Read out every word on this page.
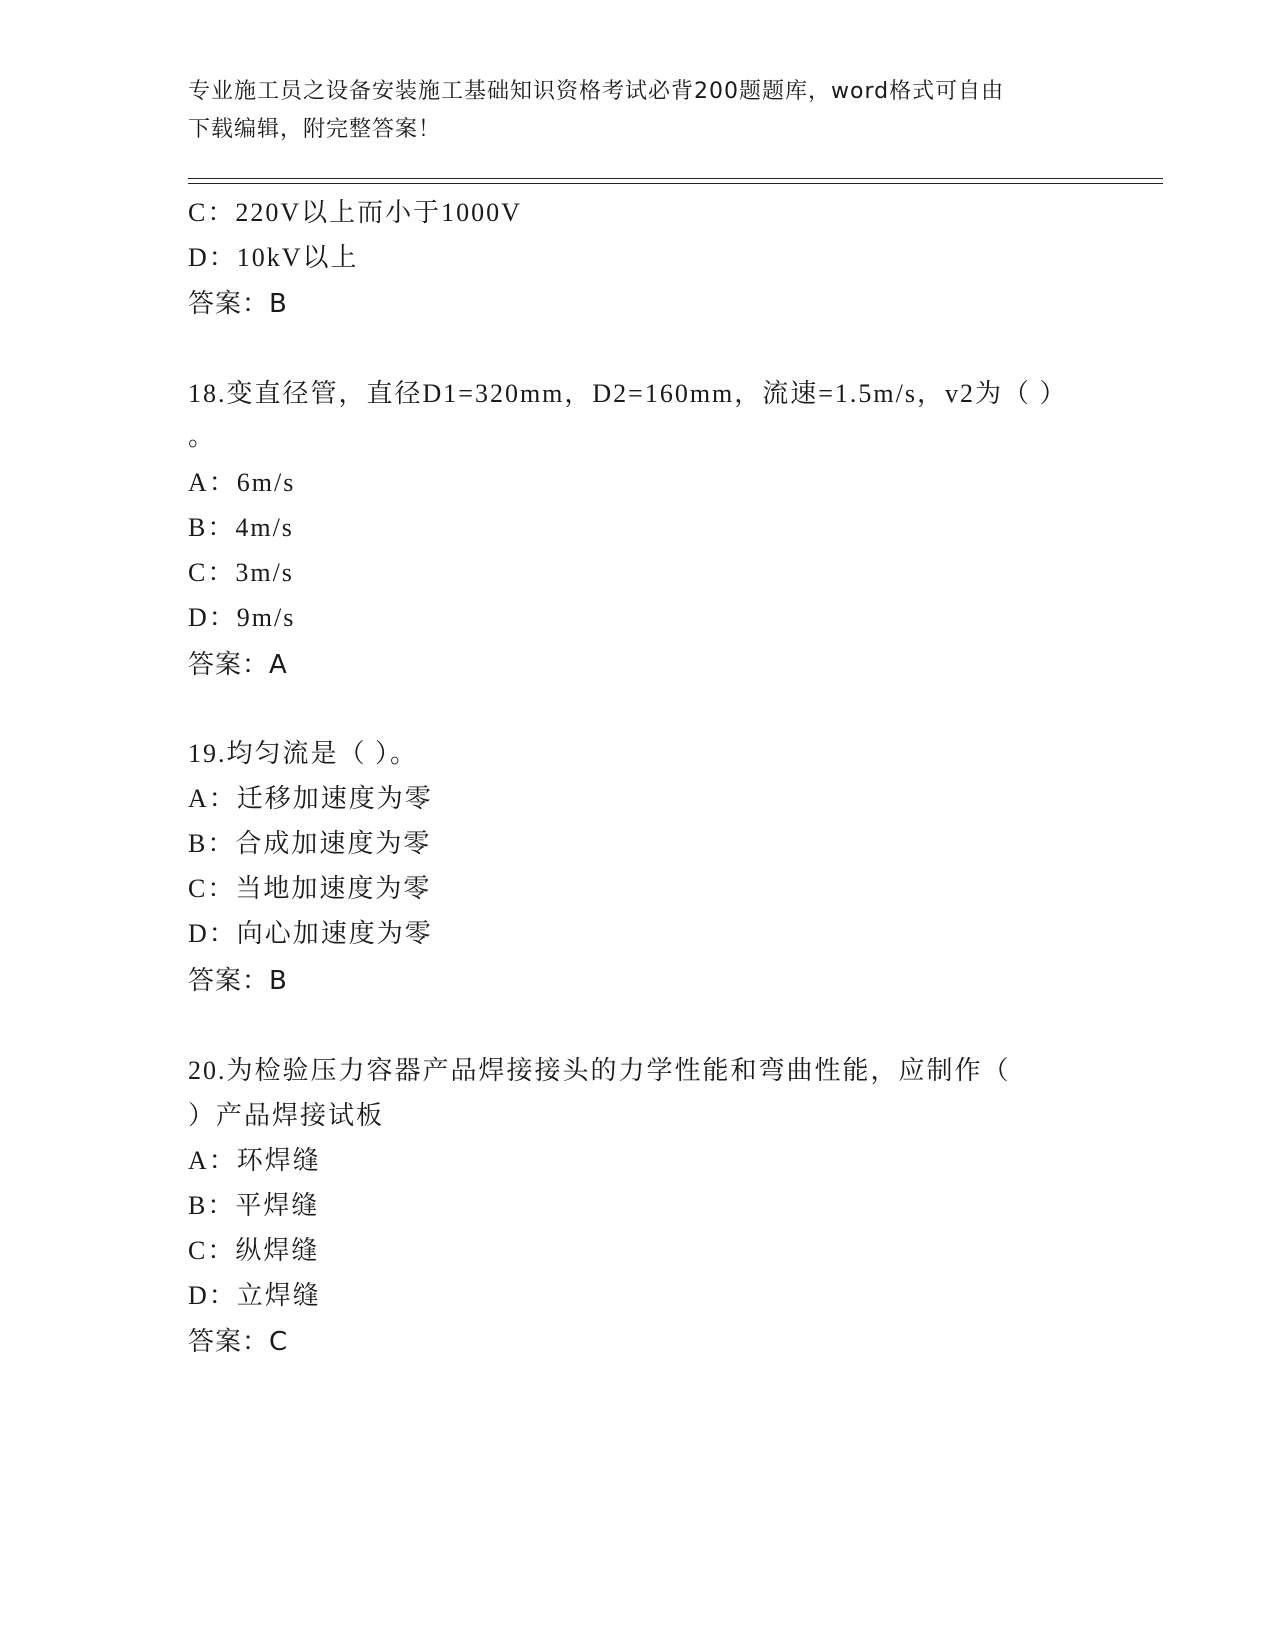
专业施工员之设备安装施工基础知识资格考试必背200题题库，word格式可自由
下载编辑，附完整答案！
C：220V以上而小于1000V
D：10kV以上
答案：B
18.变直径管，直径D1=320mm，D2=160mm，流速=1.5m/s，v2为（ ）
。
A：6m/s
B：4m/s
C：3m/s
D：9m/s
答案：A
19.均匀流是（ ）。
A：迁移加速度为零
B：合成加速度为零
C：当地加速度为零
D：向心加速度为零
答案：B
20.为检验压力容器产品焊接接头的力学性能和弯曲性能，应制作（
）产品焊接试板
A：环焊缝
B：平焊缝
C：纵焊缝
D：立焊缝
答案：C
